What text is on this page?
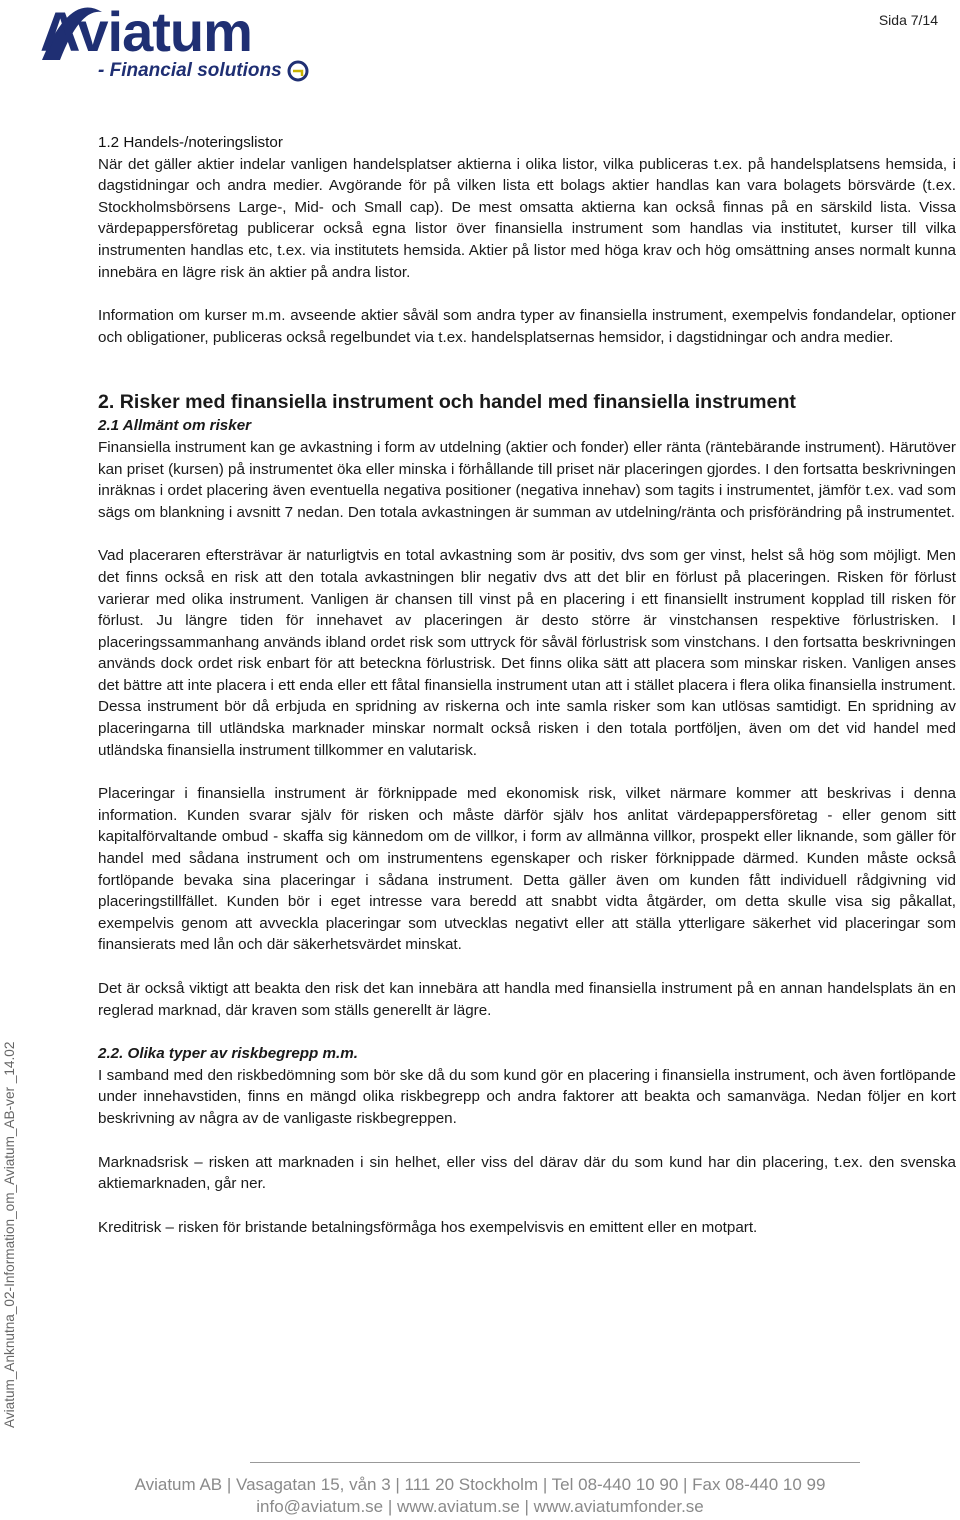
Aviatum
- Financial solutions
Sida 7/14
Aviatum_Anknutna_02-Information_om_Aviatum_AB-ver _14.02

1.2 Handels-/noteringslistor

När det gäller aktier indelar vanligen handelsplatser aktierna i olika listor, vilka publiceras t.ex. på handelsplatsens hemsida, i dagstidningar och andra medier. Avgörande för på vilken lista ett bolags aktier handlas kan vara bolagets börsvärde (t.ex. Stockholmsbörsens Large-, Mid- och Small cap). De mest omsatta aktierna kan också finnas på en särskild lista. Vissa värdepappersföretag publicerar också egna listor över finansiella instrument som handlas via institutet, kurser till vilka instrumenten handlas etc, t.ex. via institutets hemsida. Aktier på listor med höga krav och hög omsättning anses normalt kunna innebära en lägre risk än aktier på andra listor.

Information om kurser m.m. avseende aktier såväl som andra typer av finansiella instrument, exempelvis fondandelar, optioner och obligationer, publiceras också regelbundet via t.ex. handelsplatsernas hemsidor, i dagstidningar och andra medier.

2. Risker med finansiella instrument och handel med finansiella instrument

2.1 Allmänt om risker

Finansiella instrument kan ge avkastning i form av utdelning (aktier och fonder) eller ränta (räntebärande instrument). Härutöver kan priset (kursen) på instrumentet öka eller minska i förhållande till priset när placeringen gjordes. I den fortsatta beskrivningen inräknas i ordet placering även eventuella negativa positioner (negativa innehav) som tagits i instrumentet, jämför t.ex. vad som sägs om blankning i avsnitt 7 nedan. Den totala avkastningen är summan av utdelning/ränta och prisförändring på instrumentet.

Vad placeraren eftersträvar är naturligtvis en total avkastning som är positiv, dvs som ger vinst, helst så hög som möjligt. Men det finns också en risk att den totala avkastningen blir negativ dvs att det blir en förlust på placeringen. Risken för förlust varierar med olika instrument. Vanligen är chansen till vinst på en placering i ett finansiellt instrument kopplad till risken för förlust. Ju längre tiden för innehavet av placeringen är desto större är vinstchansen respektive förlustrisken. I placeringssammanhang används ibland ordet risk som uttryck för såväl förlustrisk som vinstchans. I den fortsatta beskrivningen används dock ordet risk enbart för att beteckna förlustrisk. Det finns olika sätt att placera som minskar risken. Vanligen anses det bättre att inte placera i ett enda eller ett fåtal finansiella instrument utan att i stället placera i flera olika finansiella instrument. Dessa instrument bör då erbjuda en spridning av riskerna och inte samla risker som kan utlösas samtidigt. En spridning av placeringarna till utländska marknader minskar normalt också risken i den totala portföljen, även om det vid handel med utländska finansiella instrument tillkommer en valutarisk.

Placeringar i finansiella instrument är förknippade med ekonomisk risk, vilket närmare kommer att beskrivas i denna information. Kunden svarar själv för risken och måste därför själv hos anlitat värdepappersföretag - eller genom sitt kapitalförvaltande ombud - skaffa sig kännedom om de villkor, i form av allmänna villkor, prospekt eller liknande, som gäller för handel med sådana instrument och om instrumentens egenskaper och risker förknippade därmed. Kunden måste också fortlöpande bevaka sina placeringar i sådana instrument. Detta gäller även om kunden fått individuell rådgivning vid placeringstillfället. Kunden bör i eget intresse vara beredd att snabbt vidta åtgärder, om detta skulle visa sig påkallat, exempelvis genom att avveckla placeringar som utvecklas negativt eller att ställa ytterligare säkerhet vid placeringar som finansierats med lån och där säkerhetsvärdet minskat.

Det är också viktigt att beakta den risk det kan innebära att handla med finansiella instrument på en annan handelsplats än en reglerad marknad, där kraven som ställs generellt är lägre.

2.2. Olika typer av riskbegrepp m.m.

I samband med den riskbedömning som bör ske då du som kund gör en placering i finansiella instrument, och även fortlöpande under innehavstiden, finns en mängd olika riskbegrepp och andra faktorer att beakta och samanväga. Nedan följer en kort beskrivning av några av de vanligaste riskbegreppen.

Marknadsrisk – risken att marknaden i sin helhet, eller viss del därav där du som kund har din placering, t.ex. den svenska aktiemarknaden, går ner.

Kreditrisk – risken för bristande betalningsförmåga hos exempelvisvis en emittent eller en motpart.

Aviatum AB | Vasagatan 15, vån 3 | 111 20 Stockholm | Tel 08-440 10 90 | Fax 08-440 10 99
info@aviatum.se | www.aviatum.se | www.aviatumfonder.se
